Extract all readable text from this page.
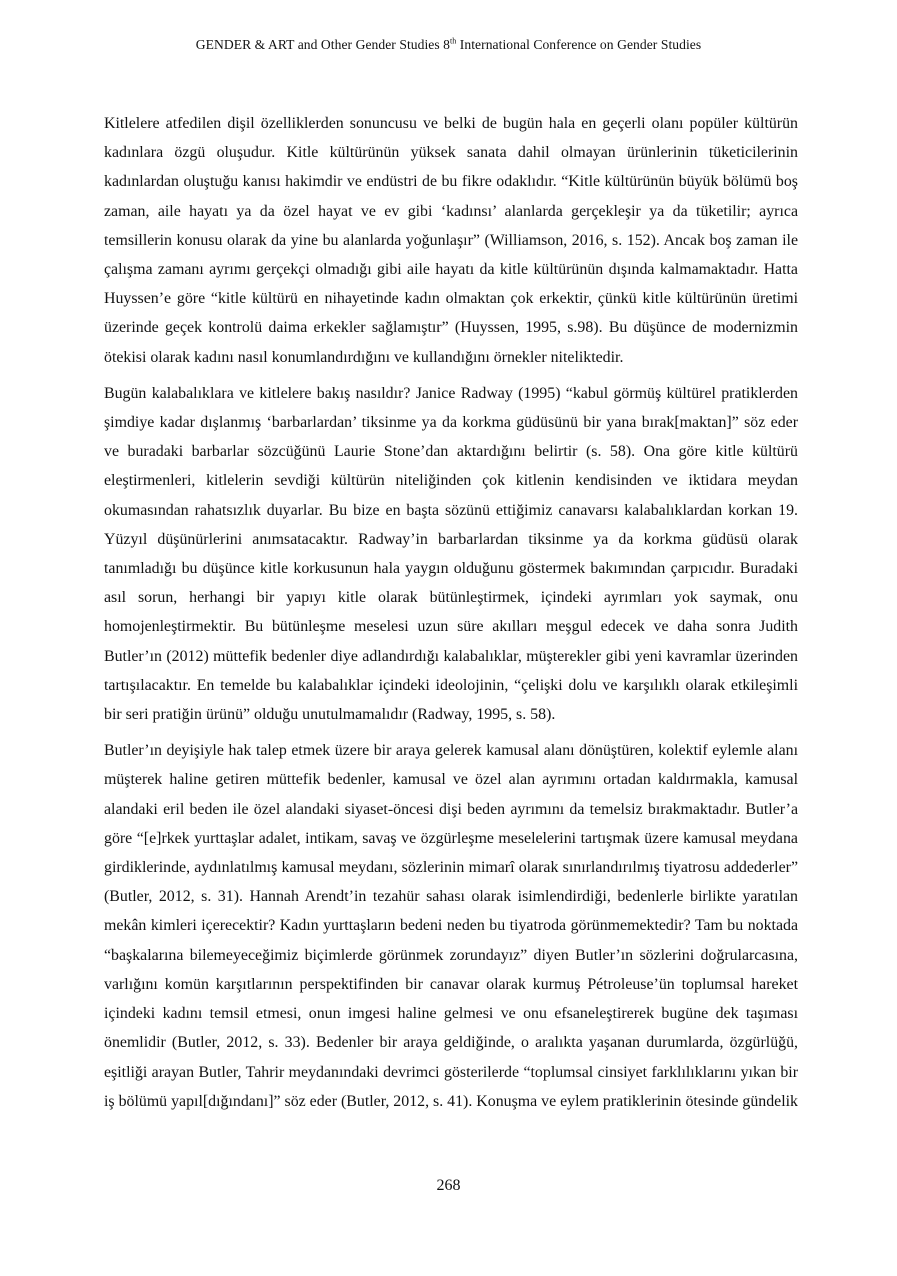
GENDER & ART and Other Gender Studies 8th International Conference on Gender Studies

Kitlelere atfedilen dişil özelliklerden sonuncusu ve belki de bugün hala en geçerli olanı popüler kültürün kadınlara özgü oluşudur. Kitle kültürünün yüksek sanata dahil olmayan ürünlerinin tüketicilerinin kadınlardan oluştuğu kanısı hakimdir ve endüstri de bu fikre odaklıdır. “Kitle kültürünün büyük bölümü boş zaman, aile hayatı ya da özel hayat ve ev gibi ‘kadınsı’ alanlarda gerçekleşir ya da tüketilir; ayrıca temsillerin konusu olarak da yine bu alanlarda yoğunlaşır” (Williamson, 2016, s. 152). Ancak boş zaman ile çalışma zamanı ayrımı gerçekçi olmadığı gibi aile hayatı da kitle kültürünün dışında kalmamaktadır. Hatta Huyssen’e göre “kitle kültürü en nihayetinde kadın olmaktan çok erkektir, çünkü kitle kültürünün üretimi üzerinde geçek kontrolü daima erkekler sağlamıştır” (Huyssen, 1995, s.98). Bu düşünce de modernizmin ötekisi olarak kadını nasıl konumlandırdığını ve kullandığını örnekler niteliktedir.

Bugün kalabalıklara ve kitlelere bakış nasıldır? Janice Radway (1995) “kabul görmüş kültürel pratiklerden şimdiye kadar dışlanmış ‘barbarlardan’ tiksinme ya da korkma güdüsünü bir yana bırak[maktan]” söz eder ve buradaki barbarlar sözcüğünü Laurie Stone’dan aktardığını belirtir (s. 58). Ona göre kitle kültürü eleştirmenleri, kitlelerin sevdiği kültürün niteliğinden çok kitlenin kendisinden ve iktidara meydan okumasından rahatsızlık duyarlar. Bu bize en başta sözünü ettiğimiz canavarsı kalabalıklardan korkan 19. Yüzyıl düşünürlerini anımsatacaktır. Radway’in barbarlardan tiksinme ya da korkma güdüsü olarak tanımladığı bu düşünce kitle korkusunun hala yaygın olduğunu göstermek bakımından çarpıcıdır. Buradaki asıl sorun, herhangi bir yapıyı kitle olarak bütünleştirmek, içindeki ayrımları yok saymak, onu homojenleştirmektir. Bu bütünleşme meselesi uzun süre akılları meşgul edecek ve daha sonra Judith Butler’ın (2012) müttefik bedenler diye adlandırdığı kalabalıklar, müşterekler gibi yeni kavramlar üzerinden tartışılacaktır. En temelde bu kalabalıklar içindeki ideolojinin, “çelişki dolu ve karşılıklı olarak etkileşimli bir seri pratiğin ürünü” olduğu unutulmamalıdır (Radway, 1995, s. 58).

Butler’ın deyişiyle hak talep etmek üzere bir araya gelerek kamusal alanı dönüştüren, kolektif eylemle alanı müşterek haline getiren müttefik bedenler, kamusal ve özel alan ayrımını ortadan kaldırmakla, kamusal alandaki eril beden ile özel alandaki siyaset-öncesi dişi beden ayrımını da temelsiz bırakmaktadır. Butler’a göre “[e]rkek yurttaşlar adalet, intikam, savaş ve özgürleşme meselelerini tartışmak üzere kamusal meydana girdiklerinde, aydınlatılmış kamusal meydanı, sözlerinin mimarî olarak sınırlandırılmış tiyatrosu addederler” (Butler, 2012, s. 31). Hannah Arendt’in tezahür sahası olarak isimlendirdiği, bedenlerle birlikte yaratılan mekân kimleri içerecektir? Kadın yurttaşların bedeni neden bu tiyatroda görünmemektedir? Tam bu noktada “başkalarına bilemeyeceğimiz biçimlerde görünmek zorundayız” diyen Butler’ın sözlerini doğrularcasına, varlığını komün karşıtlarının perspektifinden bir canavar olarak kurmuş Pétroleuse’ün toplumsal hareket içindeki kadını temsil etmesi, onun imgesi haline gelmesi ve onu efsaneleştirerek bugüne dek taşıması önemlidir (Butler, 2012, s. 33). Bedenler bir araya geldiğinde, o aralıkta yaşanan durumlarda, özgürlüğü, eşitliği arayan Butler, Tahrir meydanındaki devrimci gösterilerde “toplumsal cinsiyet farklılıklarını yıkan bir iş bölümü yapıl[dığındanı]” söz eder (Butler, 2012, s. 41). Konuşma ve eylem pratiklerinin ötesinde gündelik

268
